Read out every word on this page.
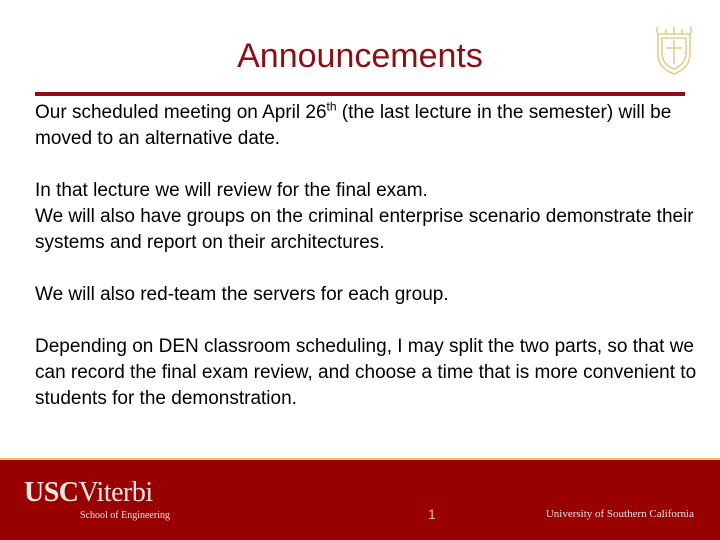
Announcements

Our scheduled meeting on April 26th (the last lecture in the semester) will be moved to an alternative date.

In that lecture we will review for the final exam.
We will also have groups on the criminal enterprise scenario demonstrate their systems and report on their architectures.

We will also red-team the servers for each group.

Depending on DEN classroom scheduling, I may split the two parts, so that we can record the final exam review, and choose a time that is more convenient to students for the demonstration.

USCViterbi
School of Engineering	1	University of Southern California
